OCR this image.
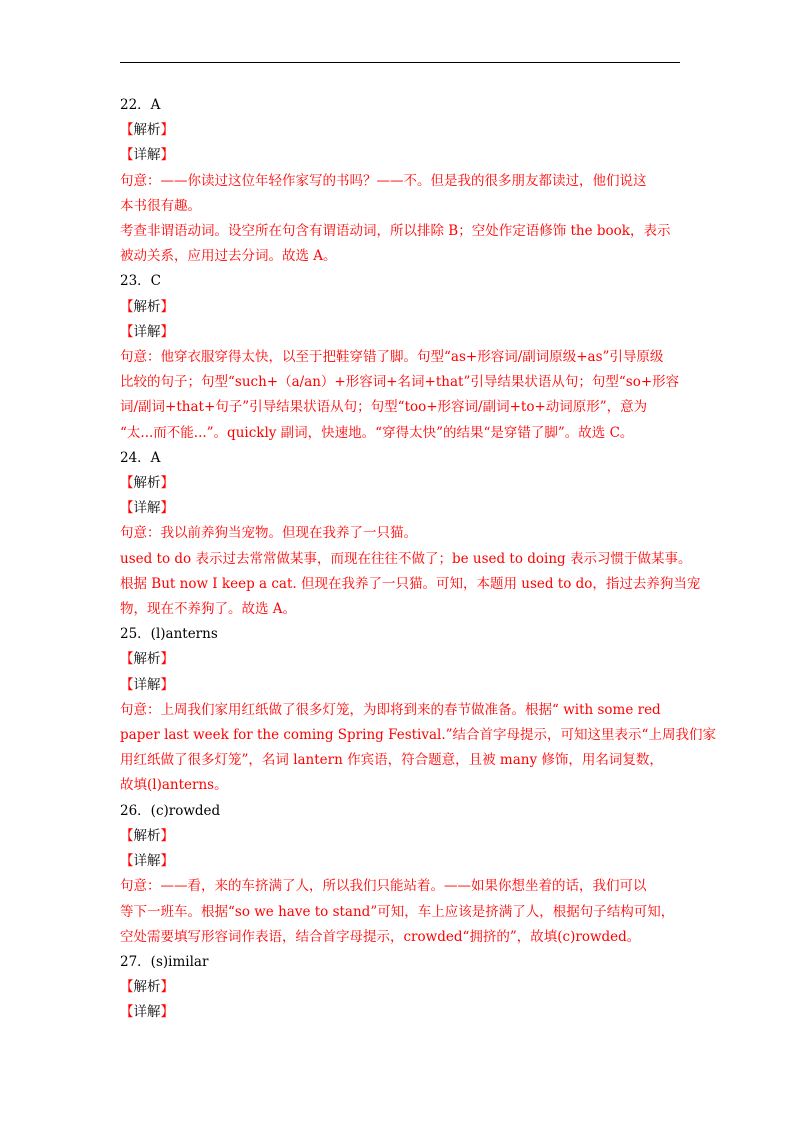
22．A
【解析】
【详解】
句意：——你读过这位年轻作家写的书吗？——不。但是我的很多朋友都读过，他们说这
本书很有趣。
考查非谓语动词。设空所在句含有谓语动词，所以排除 B；空处作定语修饰 the book，表示
被动关系，应用过去分词。故选 A。
23．C
【解析】
【详解】
句意：他穿衣服穿得太快，以至于把鞋穿错了脚。句型“as+形容词/副词原级+as”引导原级
比较的句子；句型“such+（a/an）+形容词+名词+that”引导结果状语从句；句型“so+形容
词/副词+that+句子”引导结果状语从句；句型“too+形容词/副词+to+动词原形”，意为
“太...而不能...”。quickly 副词，快速地。“穿得太快”的结果“是穿错了脚”。故选 C。
24．A
【解析】
【详解】
句意：我以前养狗当宠物。但现在我养了一只猫。
used to do 表示过去常常做某事，而现在往往不做了；be used to doing 表示习惯于做某事。
根据 But now I keep a cat. 但现在我养了一只猫。可知，本题用 used to do，指过去养狗当宠
物，现在不养狗了。故选 A。
25．(l)anterns
【解析】
【详解】
句意：上周我们家用红纸做了很多灯笼，为即将到来的春节做准备。根据“ with some red
paper last week for the coming Spring Festival.”结合首字母提示，可知这里表示“上周我们家
用红纸做了很多灯笼”，名词 lantern 作宾语，符合题意，且被 many 修饰，用名词复数，
故填(l)anterns。
26．(c)rowded
【解析】
【详解】
句意：——看，来的车挤满了人，所以我们只能站着。——如果你想坐着的话，我们可以
等下一班车。根据“so we have to stand”可知，车上应该是挤满了人，根据句子结构可知，
空处需要填写形容词作表语，结合首字母提示，crowded“拥挤的”，故填(c)rowded。
27．(s)imilar
【解析】
【详解】
